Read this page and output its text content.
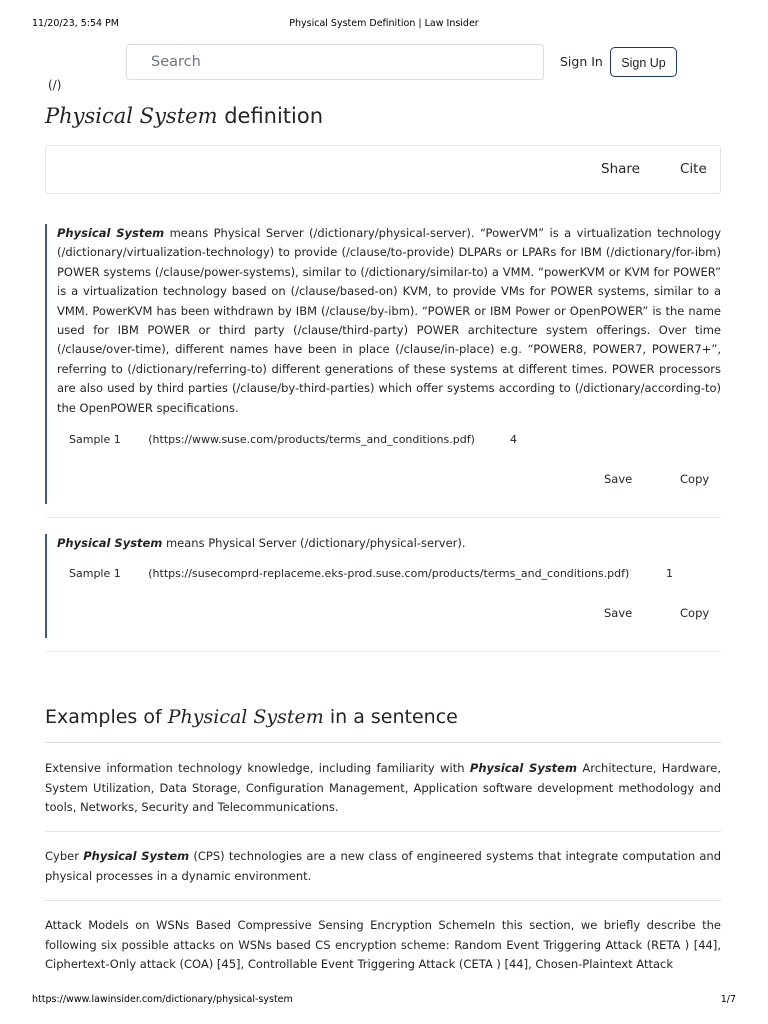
11/20/23, 5:54 PM	Physical System Definition | Law Insider
Search
Sign In	Sign Up
(/)
Physical System definition
Share	Cite

Physical System means Physical Server (/dictionary/physical-server). “PowerVM” is a virtualization technology (/dictionary/virtualization-technology) to provide (/clause/to-provide) DLPARs or LPARs for IBM (/dictionary/for-ibm) POWER systems (/clause/power-systems), similar to (/dictionary/similar-to) a VMM. “powerKVM or KVM for POWER” is a virtualization technology based on (/clause/based-on) KVM, to provide VMs for POWER systems, similar to a VMM. PowerKVM has been withdrawn by IBM (/clause/by-ibm). “POWER or IBM Power or OpenPOWER” is the name used for IBM POWER or third party (/clause/third-party) POWER architecture system offerings. Over time (/clause/over-time), different names have been in place (/clause/in-place) e.g. “POWER8, POWER7, POWER7+”, referring to (/dictionary/referring-to) different generations of these systems at different times. POWER processors are also used by third parties (/clause/by-third-parties) which offer systems according to (/dictionary/according-to) the OpenPOWER specifications.

Sample 1	(https://www.suse.com/products/terms_and_conditions.pdf)	4
Save	Copy

Physical System means Physical Server (/dictionary/physical-server).

Sample 1	(https://susecomprd-replaceme.eks-prod.suse.com/products/terms_and_conditions.pdf)	1
Save	Copy
Examples of Physical System in a sentence

Extensive information technology knowledge, including familiarity with Physical System Architecture, Hardware, System Utilization, Data Storage, Configuration Management, Application software development methodology and tools, Networks, Security and Telecommunications.

Cyber Physical System (CPS) technologies are a new class of engineered systems that integrate computation and physical processes in a dynamic environment.

Attack Models on WSNs Based Compressive Sensing Encryption SchemeIn this section, we briefly describe the following six possible attacks on WSNs based CS encryption scheme: Random Event Triggering Attack (RETA ) [44], Ciphertext-Only attack (COA) [45], Controllable Event Triggering Attack (CETA ) [44], Chosen-Plaintext Attack

https://www.lawinsider.com/dictionary/physical-system	1/7
